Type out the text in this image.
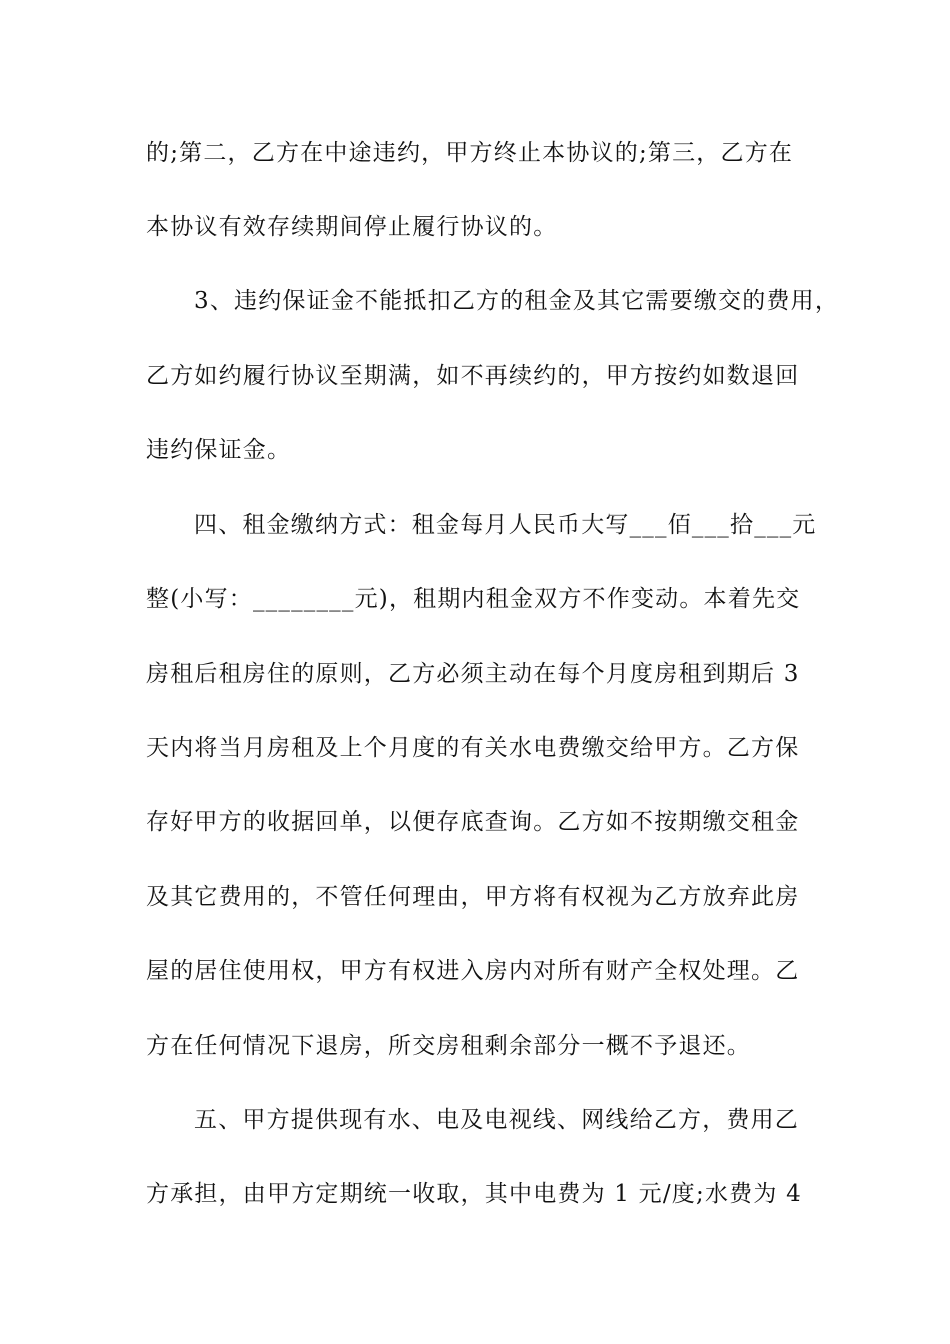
的;第二，乙方在中途违约，甲方终止本协议的;第三，乙方在
本协议有效存续期间停止履行协议的。
3、违约保证金不能抵扣乙方的租金及其它需要缴交的费用，
乙方如约履行协议至期满，如不再续约的，甲方按约如数退回
违约保证金。
四、租金缴纳方式：租金每月人民币大写___佰___拾___元
整(小写：________元)，租期内租金双方不作变动。本着先交
房租后租房住的原则，乙方必须主动在每个月度房租到期后 3
天内将当月房租及上个月度的有关水电费缴交给甲方。乙方保
存好甲方的收据回单，以便存底查询。乙方如不按期缴交租金
及其它费用的，不管任何理由，甲方将有权视为乙方放弃此房
屋的居住使用权，甲方有权进入房内对所有财产全权处理。乙
方在任何情况下退房，所交房租剩余部分一概不予退还。
五、甲方提供现有水、电及电视线、网线给乙方，费用乙
方承担，由甲方定期统一收取，其中电费为 1 元/度;水费为 4
